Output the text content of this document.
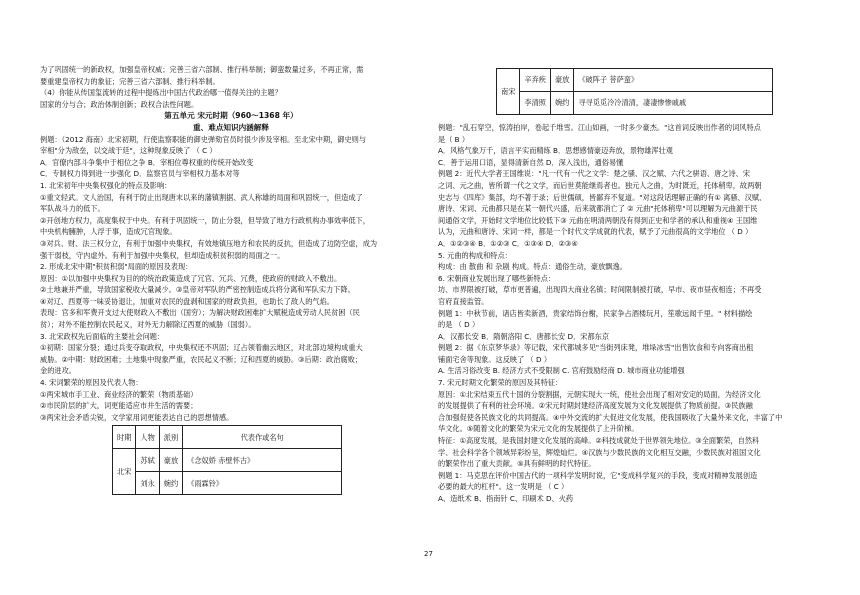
南宋	辛弃疾	豪放	《破阵子 菩萨蛮》
	李清照	婉约	寻寻觅觅冷冷清清，凄凄惨惨戚戚

为了巩固统一的新政权，加强皇帝权威；完善三省六部制、推行科举制；御蛮数量过多，不再正常，需

要重建皇帝权力的象征；完善三省六部制、推行科举制。

（4）你能从传国玺流转的过程中提炼出中国古代政治哪一值得关注的主题？

国家的分与合；政治体制创新；政权合法性问题。

第五单元 宋元时期（960～1368 年）

重、难点知识内涵解释

例题：（2012 海南）北宋初期，行使监察职能的御史弹劾官员时很少涉及宰相。至北宋中期，御史则与

宰相"分为敌垒，以交战于廷"，这种现象反映了 （ C ）

A．官僚内部斗争集中于相位之争 B．宰相位尊权重的传统开始改变

C．专制权力得到进一步强化 D．监察官员与宰相权力基本对等

1. 北宋初年中央集权强化的特点及影响：

①重文轻武。文人治国，有利于防止出现唐末以来的藩镇割据、武人称雄的局面和巩固统一，但造成了

军队战斗力的低下。

②开创地方权力，高度集权于中央。有利于巩固统一，防止分裂，但导致了地方行政机构办事效率低下，

中央机构臃肿，人浮于事，造成冗官现象。

③对兵、财、法三权分立，有利于加强中央集权，有效地镇压地方和农民的反抗，但造成了边防空虚，成为

强干弱枝，守内虚外。有利于加强中央集权，但却造成积贫积弱的局面之一。

2. 形成北宋中期"积贫积弱"局面的原因及表现：

原因：①以加强中央集权为目的的统治政策造成了冗官、冗兵、冗费，使政府的财政入不敷出。

②土地兼并严重，导致国家税收大量减少。③皇帝对军队的严密控制造成兵将分离和军队实力下降。

④对辽、西夏等一味妥协退让，加重对农民的盘剥和国家的财政负担，也助长了敌人的气焰。

表现：官多和军费开支过大使财政入不敷出（国穷）；为解决财政困难扩大赋税造成劳动人民贫困（民

贫）；对外不能控制农民起义，对外无力解除辽西夏的威胁（国弱）。

3. 北宋政权先后面临的主要社会问题：

①初期：国家分裂；通过兵变夺取政权，中央集权还不巩固；辽占领着幽云地区，对北部边境构成重大

威胁。②中期：财政困难；土地集中现象严重，农民起义不断；辽和西夏的威胁。③后期：政治腐败；

金的进攻。

4. 宋词繁荣的原因及代表人物：

①两宋城市手工业、商业经济的繁荣（物质基础）

②市民阶层的扩大，词更能适应市井生活的需要；

③两宋社会矛盾尖锐，文学家用词更能表达自己的思想情感。

时期	人物	派别	代表作或名句
北宋	苏轼	豪放	《念奴娇 赤壁怀古》
	刘永	婉约	《雨霖铃》

例题："乱石穿空，惊涛拍岸，卷起千堆雪。江山如画，一时多少豪杰。"这首词反映出作者的词风特点

是（ B ）

A．风格气象万千，语言平实而精练 B．思想感情豪迈奔放，景物雄浑壮观

C．善于运用口语，显得清新自然 D．深入浅出，通俗易懂

例题 2：近代大学者王国维说："凡一代有一代之文学：楚之骚、汉之赋、六代之骈语、唐之诗、宋

之词、元之曲，皆所谓一代之文学，而后世莫能继焉者也。独元人之曲，为时既近，托体稍卑，故两朝

史志与《四库》集部，均不著于录；后世儒硕，皆鄙弃不复道。"对这段话理解正确的有① 离骚、汉赋、

唐诗、宋词、元曲都只是在某一朝代兴盛，后来就都消亡了 ② 元曲"托体稍卑"可以理解为元曲源于民

间通俗文学，开始时文学地位比较低下③ 元曲在明清两朝没有得到正史和学者的承认和重视④ 王国维

认为，元曲和唐诗、宋词一样，都是一个时代文学成就的代表，赋予了元曲很高的文学地位 （ D ）

A．①②③④ B．①②③ C．①③④ D．②③④

5. 元曲的构成和特点：

构成：由 散曲 和 杂剧 构成。特点：通俗生动，豪放飘逸。

6. 宋朝商业发展出现了哪些新特点：

坊、市界限被打破，草市更普遍，出现四大商业名镇；时间限制被打破，早市、夜市昼夜相连；不再受

官府直接监管。

例题 1：中秋节前，诸店皆卖新酒，贵家结饰台榭，民家争占酒楼玩月，笙歌远闻千里。" 材料描绘

的是 （ D ）

A．汉都长安 B．隋朝洛阳 C．唐都长安 D．宋都东京

例题 2：据《东京梦华录》等记载，宋代都城多见"当街列床凳，堆垛冰雪"出售饮食和专向客商出租

铺面宅舍等现象。这反映了 （ D ）

A. 生活习俗改变 B. 经济方式不受限制 C. 官府鼓励经商 D. 城市商业功能增强

7. 宋元时期文化繁荣的原因及其特征：

原因：①北宋结束五代十国的分裂割据，元朝实现大一统，使社会出现了相对安定的局面，为经济文化

的发展提供了有利的社会环境。②宋元时期封建经济高度发展为文化发展提供了物质前提。③民族融

合加强促使各民族文化的共同提高。④中外交流的扩大促进文化发展，使我国吸收了大量外来文化，丰富了中

华文化。⑤随着文化的繁荣为宋元文化的发展提供了上升阶梯。

特征：①高度发展，是我国封建文化发展的高峰。②科技成就处于世界领先地位。③全面繁荣，自然科

学、社会科学各个领域异彩纷呈，辉煌灿烂。④汉族与少数民族的文化相互交融，少数民族对祖国文化

的繁荣作出了重大贡献。⑤具有鲜明的时代特征。

例题 1：马克思在评价中国古代的一项科学发明时说，它"变成科学复兴的手段，变成对精神发展创造

必要的最大的杠杆"。这一发明是 （ C ）

A、造纸术 B、指南针 C、印刷术 D、火药

27
